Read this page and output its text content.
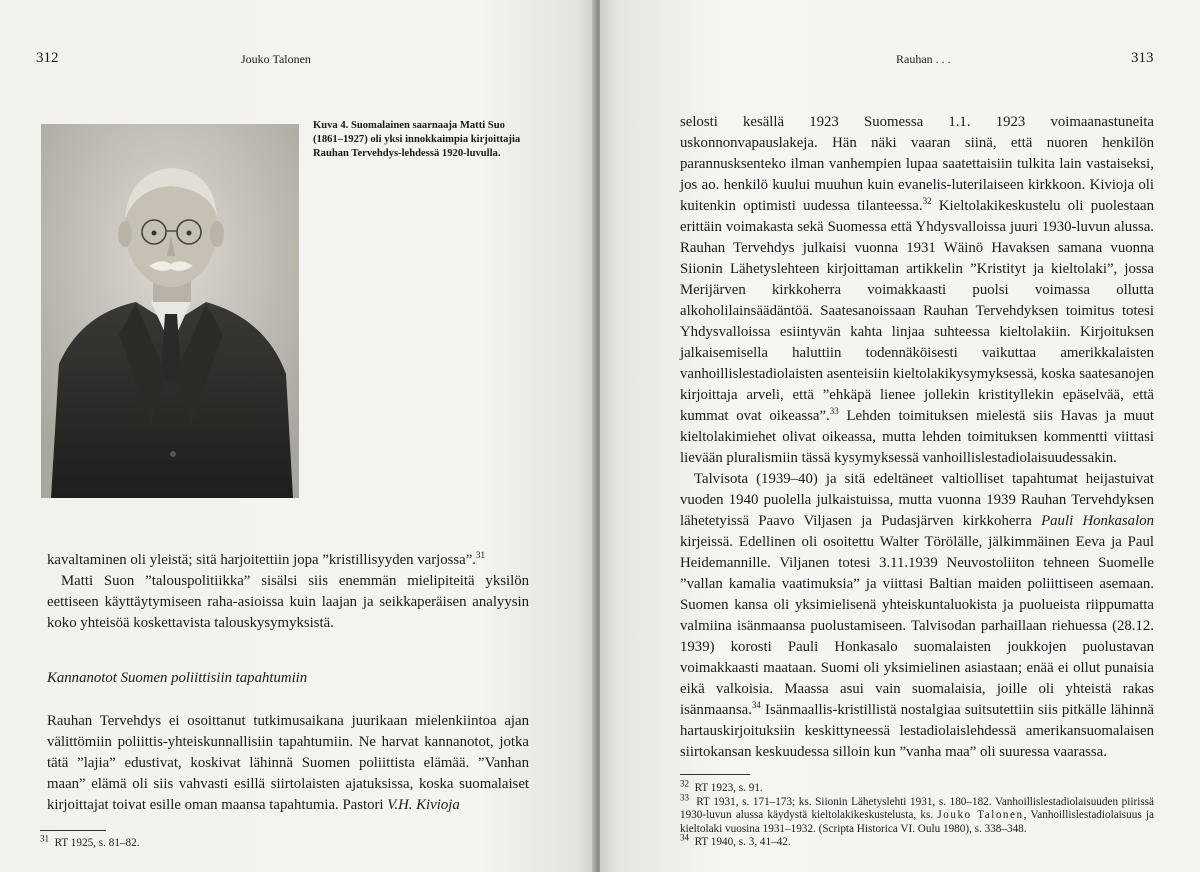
312	Jouko Talonen
Kuva 4. Suomalainen saarnaaja Matti Suo (1861–1927) oli yksi innokkaimpia kirjoittajia Rauhan Tervehdys-lehdessä 1920-luvulla.

kavaltaminen oli yleistä; sitä harjoitettiin jopa ”kristillisyyden varjossa”.$^{31}$

Matti Suon ”talouspolitiikka” sisälsi siis enemmän mielipiteitä yksilön eettiseen käyttäytymiseen raha-asioissa kuin laajan ja seikkaperäisen analyysin koko yhteisöä koskettavista talouskysymyksistä.

Kannanotot Suomen poliittisiin tapahtumiin

Rauhan Tervehdys ei osoittanut tutkimusaikana juurikaan mielenkiintoa ajan välittömiin poliittis-yhteiskunnallisiin tapahtumiin. Ne harvat kannanotot, jotka tätä ”lajia” edustivat, koskivat lähinnä Suomen poliittista elämää. ”Vanhan maan” elämä oli siis vahvasti esillä siirtolaisten ajatuksissa, koska suomalaiset kirjoittajat toivat esille oman maansa tapahtumia. Pastori V.H. Kivioja

$^{31}$ RT 1925, s. 81–82.
Rauhan . . .	313

selosti kesällä 1923 Suomessa 1.1. 1923 voimaanastuneita uskonnonvapauslakeja. Hän näki vaaran siinä, että nuoren henkilön parannusksenteko ilman vanhempien lupaa saatettaisiin tulkita lain vastaiseksi, jos ao. henkilö kuului muuhun kuin evanelis-luterilaiseen kirkkoon. Kivioja oli kuitenkin optimisti uudessa tilanteessa.$^{32}$ Kieltolakikeskustelu oli puolestaan erittäin voimakasta sekä Suomessa että Yhdysvalloissa juuri 1930-luvun alussa. Rauhan Tervehdys julkaisi vuonna 1931 Wäinö Havaksen samana vuonna Siionin Lähetyslehteen kirjoittaman artikkelin ”Kristityt ja kieltolaki”, jossa Merijärven kirkkoherra voimakkaasti puolsi voimassa ollutta alkoholilainsäädäntöä. Saatesanoissaan Rauhan Tervehdyksen toimitus totesi Yhdysvalloissa esiintyvän kahta linjaa suhteessa kieltolakiin. Kirjoituksen jalkaisemisella haluttiin todennäköisesti vaikuttaa amerikkalaisten vanhoillislestadiolaisten asenteisiin kieltolakikysymyksessä, koska saatesanojen kirjoittaja arveli, että ”ehkäpä lienee jollekin kristityllekin epäselvää, että kummat ovat oikeassa”.$^{33}$ Lehden toimituksen mielestä siis Havas ja muut kieltolakimiehet olivat oikeassa, mutta lehden toimituksen kommentti viittasi lievään pluralismiin tässä kysymyksessä vanhoillislestadiolaisuudessakin.

Talvisota (1939–40) ja sitä edeltäneet valtiolliset tapahtumat heijastuivat vuoden 1940 puolella julkaistuissa, mutta vuonna 1939 Rauhan Tervehdyksen lähetetyissä Paavo Viljasen ja Pudasjärven kirkkoherra Pauli Honkasalon kirjeissä. Edellinen oli osoitettu Walter Törölälle, jälkimmäinen Eeva ja Paul Heidemannille. Viljanen totesi 3.11.1939 Neuvostoliiton tehneen Suomelle ”vallan kamalia vaatimuksia” ja viittasi Baltian maiden poliittiseen asemaan. Suomen kansa oli yksimielisenä yhteiskuntaluokista ja puolueista riippumatta valmiina isänmaansa puolustamiseen. Talvisodan parhaillaan riehuessa (28.12. 1939) korosti Pauli Honkasalo suomalaisten joukkojen puolustavan voimakkaasti maataan. Suomi oli yksimielinen asiastaan; enää ei ollut punaisia eikä valkoisia. Maassa asui vain suomalaisia, joille oli yhteistä rakas isänmaansa.$^{34}$ Isänmaallis-kristillistä nostalgiaa suitsutettiin siis pitkälle lähinnä hartauskirjoituksiin keskittyneessä lestadiolaislehdessä amerikansuomalaisen siirtokansan keskuudessa silloin kun ”vanha maa” oli suuressa vaarassa.

$^{32}$ RT 1923, s. 91.
$^{33}$ RT 1931, s. 171–173; ks. Siionin Lähetyslehti 1931, s. 180–182. Vanhoillislestadiolaisuuden piirissä 1930-luvun alussa käydystä kieltolakikeskustelusta, ks. Jouko Talonen, Vanhoillislestadiolaisuus ja kieltolaki vuosina 1931–1932. (Scripta Historica VI. Oulu 1980), s. 338–348.
$^{34}$ RT 1940, s. 3, 41–42.
